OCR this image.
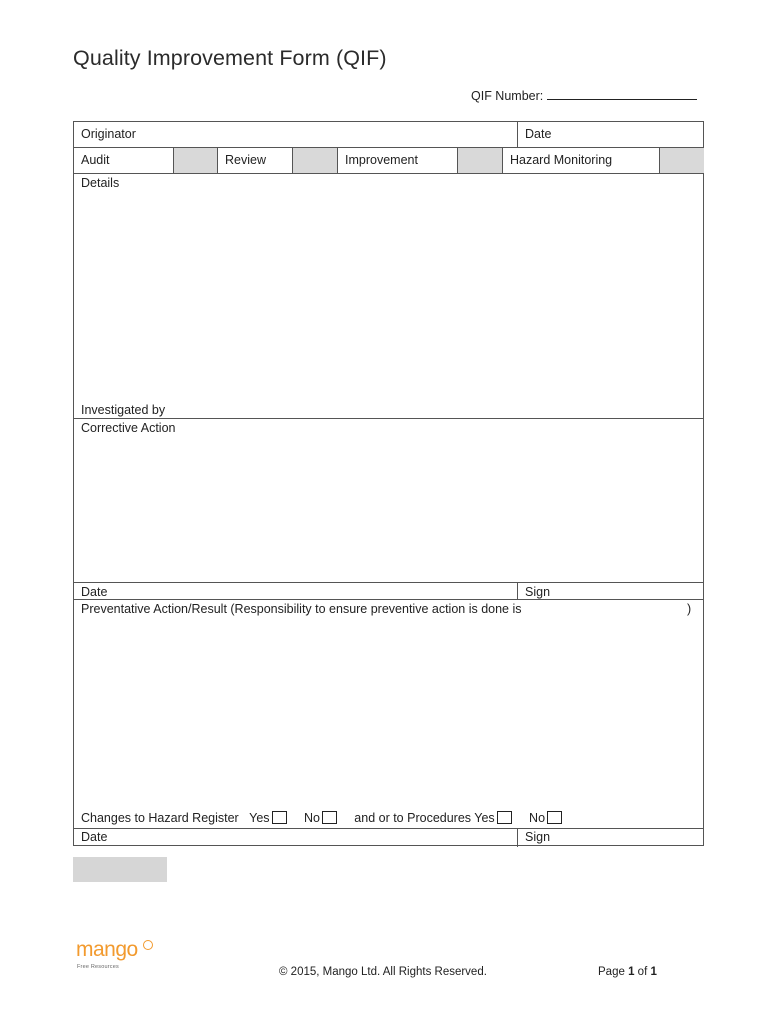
Quality Improvement Form (QIF)
QIF Number:
Originator	Date
Audit	Review	Improvement	Hazard Monitoring
Details
Investigated by
Corrective Action
Date	Sign
Preventative Action/Result (Responsibility to ensure preventive action is done is	)
Changes to Hazard Register Yes	No	and or to Procedures Yes	No
Date	Sign
mango
Free Resources	© 2015, Mango Ltd. All Rights Reserved.	Page 1 of 1
